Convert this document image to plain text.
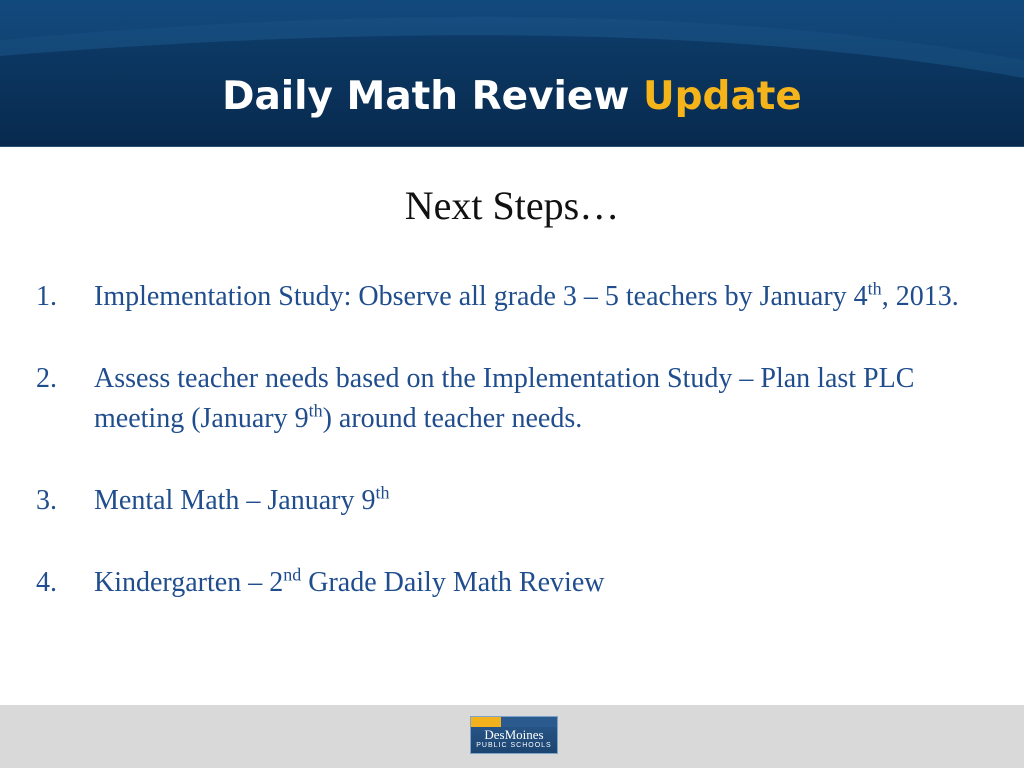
Daily Math Review Update
Next Steps…
1. Implementation Study: Observe all grade 3 – 5 teachers by January 4th, 2013.
2. Assess teacher needs based on the Implementation Study – Plan last PLC meeting (January 9th) around teacher needs.
3. Mental Math – January 9th
4. Kindergarten – 2nd Grade Daily Math Review
DesMoines
PUBLIC SCHOOLS
